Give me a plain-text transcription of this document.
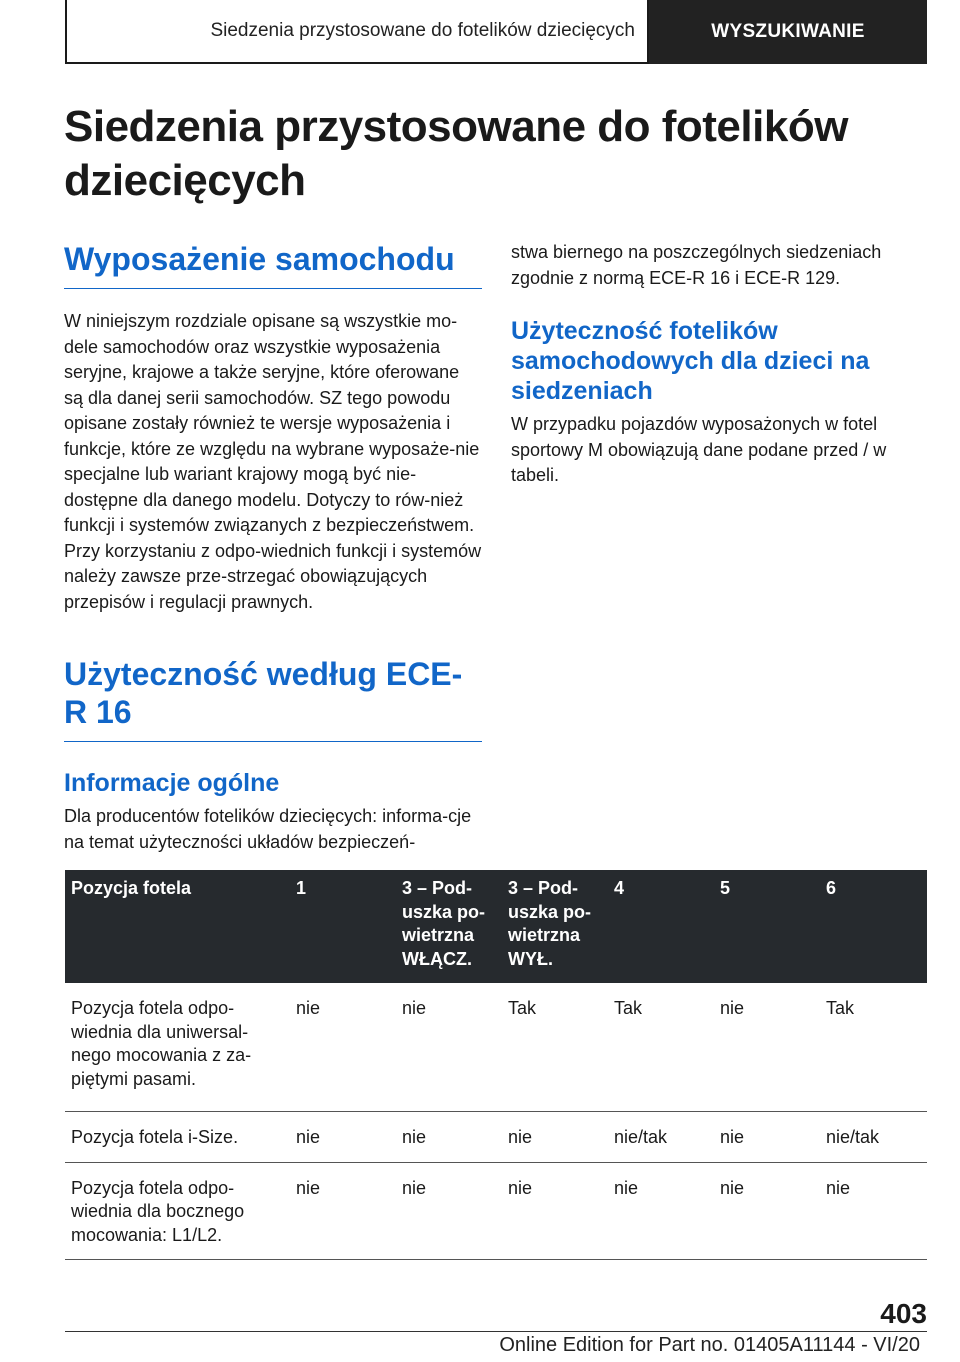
Siedzenia przystosowane do fotelików dziecięcych	WYSZUKIWANIE
Siedzenia przystosowane do fotelików dziecięcych
Wyposażenie samochodu

W niniejszym rozdziale opisane są wszystkie mo-dele samochodów oraz wszystkie wyposażenia seryjne, krajowe a także seryjne, które oferowane są dla danej serii samochodów. SZ tego powodu opisane zostały również te wersje wyposażenia i funkcje, które ze względu na wybrane wyposaże-nie specjalne lub wariant krajowy mogą być nie-dostępne dla danego modelu. Dotyczy to rów-nież funkcji i systemów związanych z bezpieczeństwem. Przy korzystaniu z odpo-wiednich funkcji i systemów należy zawsze prze-strzegać obowiązujących przepisów i regulacji prawnych.

Użyteczność według ECE-R 16
Informacje ogólne

Dla producentów fotelików dziecięcych: informa-cje na temat użyteczności układów bezpieczeń-

stwa biernego na poszczególnych siedzeniach zgodnie z normą ECE-R 16 i ECE-R 129.

Użyteczność fotelików samochodowych dla dzieci na siedzeniach

W przypadku pojazdów wyposażonych w fotel sportowy M obowiązują dane podane przed / w tabeli.

Pozycja fotela	1	3 – Pod-uszka po-wietrzna WŁĄCZ.	3 – Pod-uszka po-wietrzna WYŁ.	4	5	6
Pozycja fotela odpo-wiednia dla uniwersal-nego mocowania z za-piętymi pasami.	nie	nie	Tak	Tak	nie	Tak
Pozycja fotela i-Size.	nie	nie	nie	nie/tak	nie	nie/tak
Pozycja fotela odpo-wiednia dla bocznego mocowania: L1/L2.	nie	nie	nie	nie	nie	nie
403
Online Edition for Part no. 01405A11144 - VI/20
